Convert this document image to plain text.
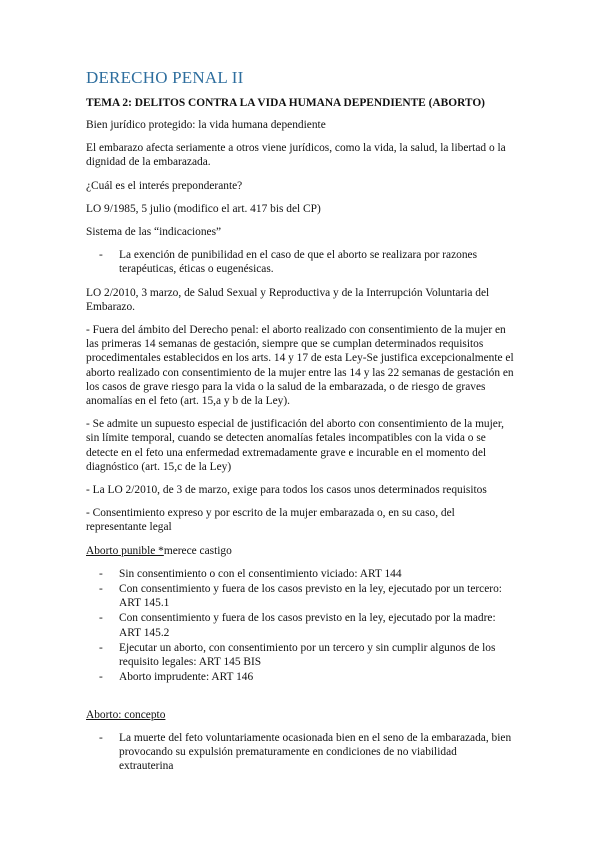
DERECHO PENAL II
TEMA 2: DELITOS CONTRA LA VIDA HUMANA DEPENDIENTE (ABORTO)

Bien jurídico protegido: la vida humana dependiente

El embarazo afecta seriamente a otros viene jurídicos, como la vida, la salud, la libertad o la dignidad de la embarazada.

¿Cuál es el interés preponderante?

LO 9/1985, 5 julio (modifico el art. 417 bis del CP)

Sistema de las “indicaciones”

- La exención de punibilidad en el caso de que el aborto se realizara por razones terapéuticas, éticas o eugenésicas.

LO 2/2010, 3 marzo, de Salud Sexual y Reproductiva y de la Interrupción Voluntaria del Embarazo.

- Fuera del ámbito del Derecho penal: el aborto realizado con consentimiento de la mujer en las primeras 14 semanas de gestación, siempre que se cumplan determinados requisitos procedimentales establecidos en los arts. 14 y 17 de esta Ley-Se justifica excepcionalmente el aborto realizado con consentimiento de la mujer entre las 14 y las 22 semanas de gestación en los casos de grave riesgo para la vida o la salud de la embarazada, o de riesgo de graves anomalías en el feto (art. 15,a y b de la Ley).

- Se admite un supuesto especial de justificación del aborto con consentimiento de la mujer, sin límite temporal, cuando se detecten anomalías fetales incompatibles con la vida o se detecte en el feto una enfermedad extremadamente grave e incurable en el momento del diagnóstico (art. 15,c de la Ley)

- La LO 2/2010, de 3 de marzo, exige para todos los casos unos determinados requisitos

- Consentimiento expreso y por escrito de la mujer embarazada o, en su caso, del representante legal

Aborto punible *merece castigo

- Sin consentimiento o con el consentimiento viciado: ART 144
- Con consentimiento y fuera de los casos previsto en la ley, ejecutado por un tercero: ART 145.1
- Con consentimiento y fuera de los casos previsto en la ley, ejecutado por la madre: ART 145.2
- Ejecutar un aborto, con consentimiento por un tercero y sin cumplir algunos de los requisito legales: ART 145 BIS
- Aborto imprudente: ART 146

Aborto: concepto

- La muerte del feto voluntariamente ocasionada bien en el seno de la embarazada, bien provocando su expulsión prematuramente en condiciones de no viabilidad extrauterina
